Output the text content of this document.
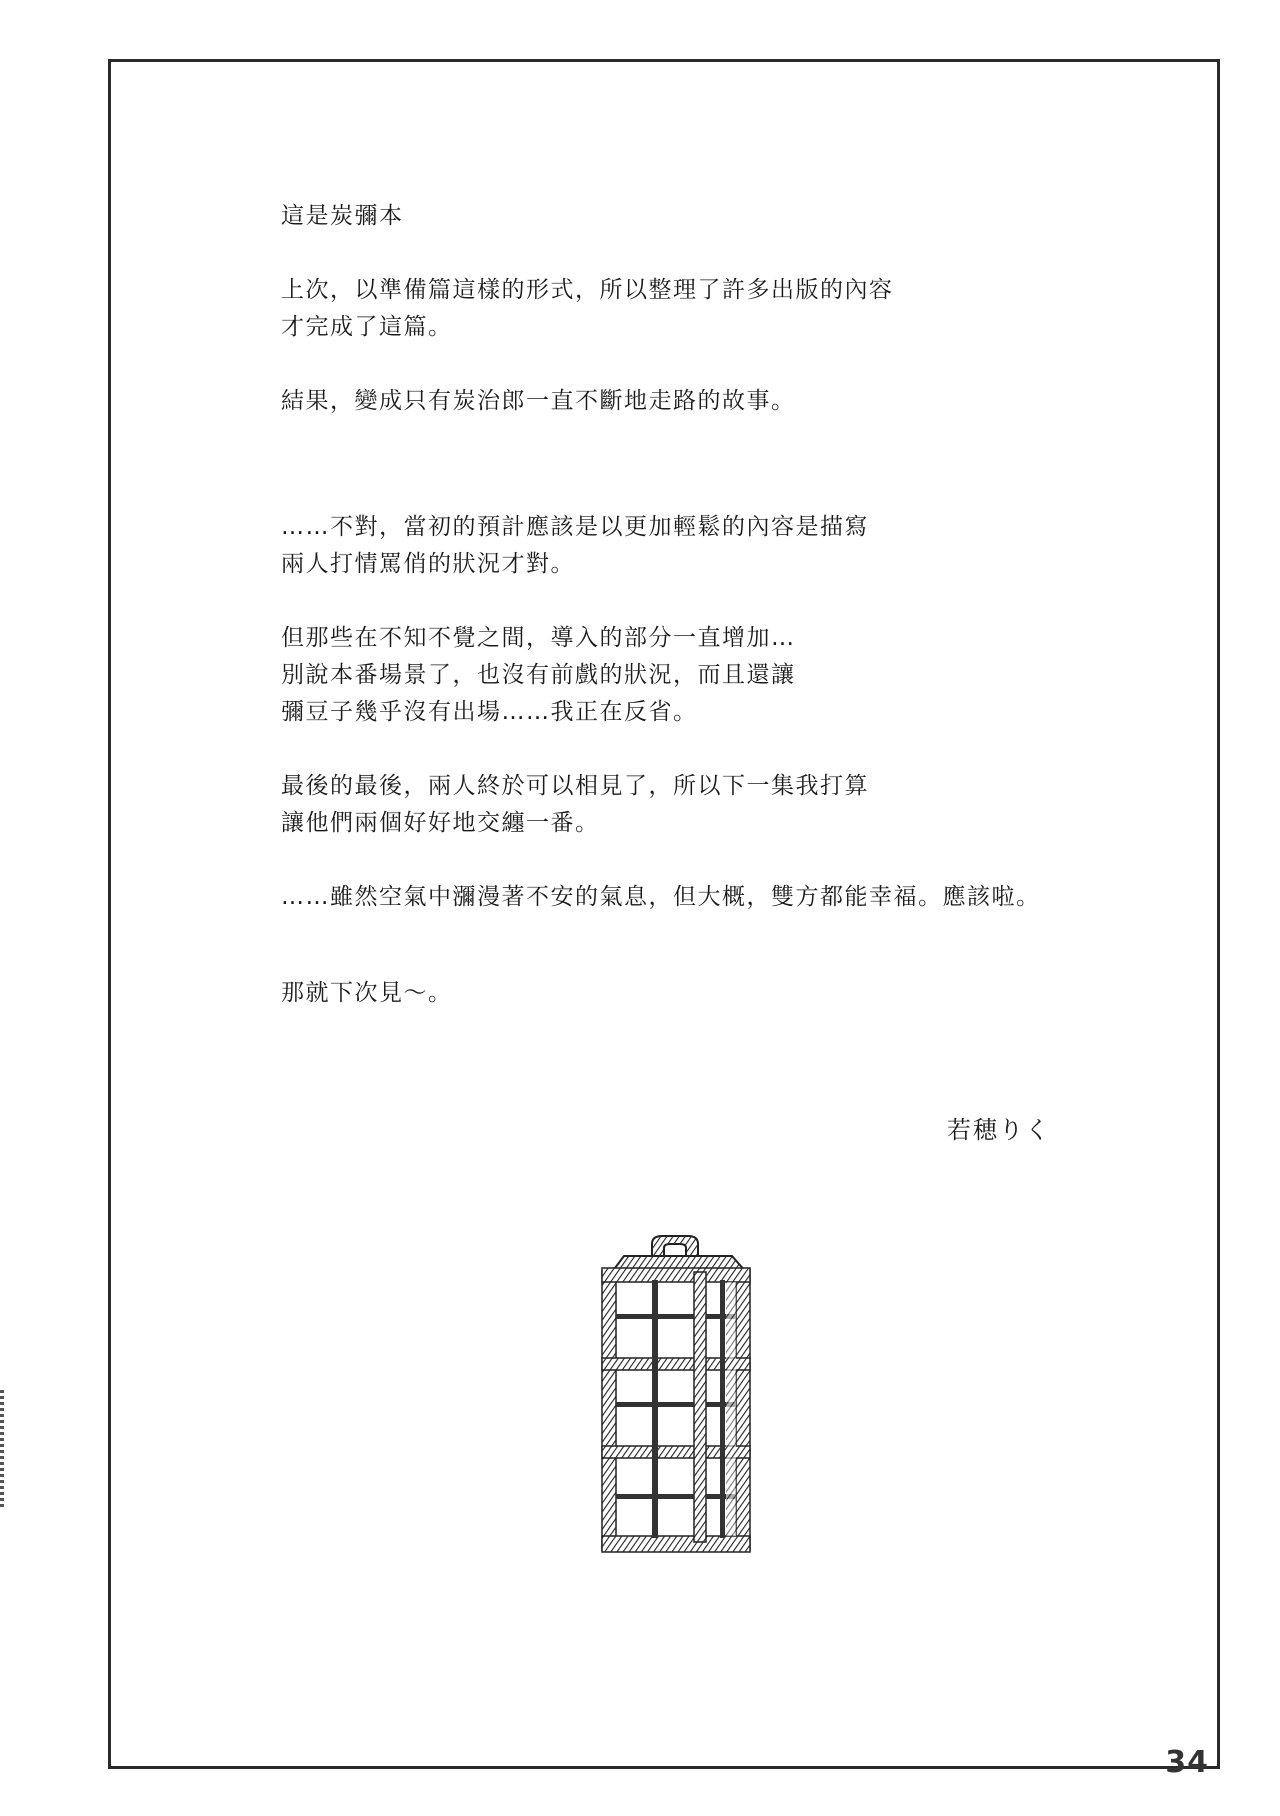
34
這是炭彌本
上次，以準備篇這樣的形式，所以整理了許多出版的內容
才完成了這篇。
結果，變成只有炭治郎一直不斷地走路的故事。
……不對，當初的預計應該是以更加輕鬆的內容是描寫
兩人打情罵俏的狀況才對。
但那些在不知不覺之間，導入的部分一直增加…
別說本番場景了，也沒有前戲的狀況，而且還讓
彌豆子幾乎沒有出場……我正在反省。
最後的最後，兩人終於可以相見了，所以下一集我打算
讓他們兩個好好地交纏一番。
……雖然空氣中瀰漫著不安的氣息，但大概，雙方都能幸福。應該啦。
那就下次見～。
若穂りく
